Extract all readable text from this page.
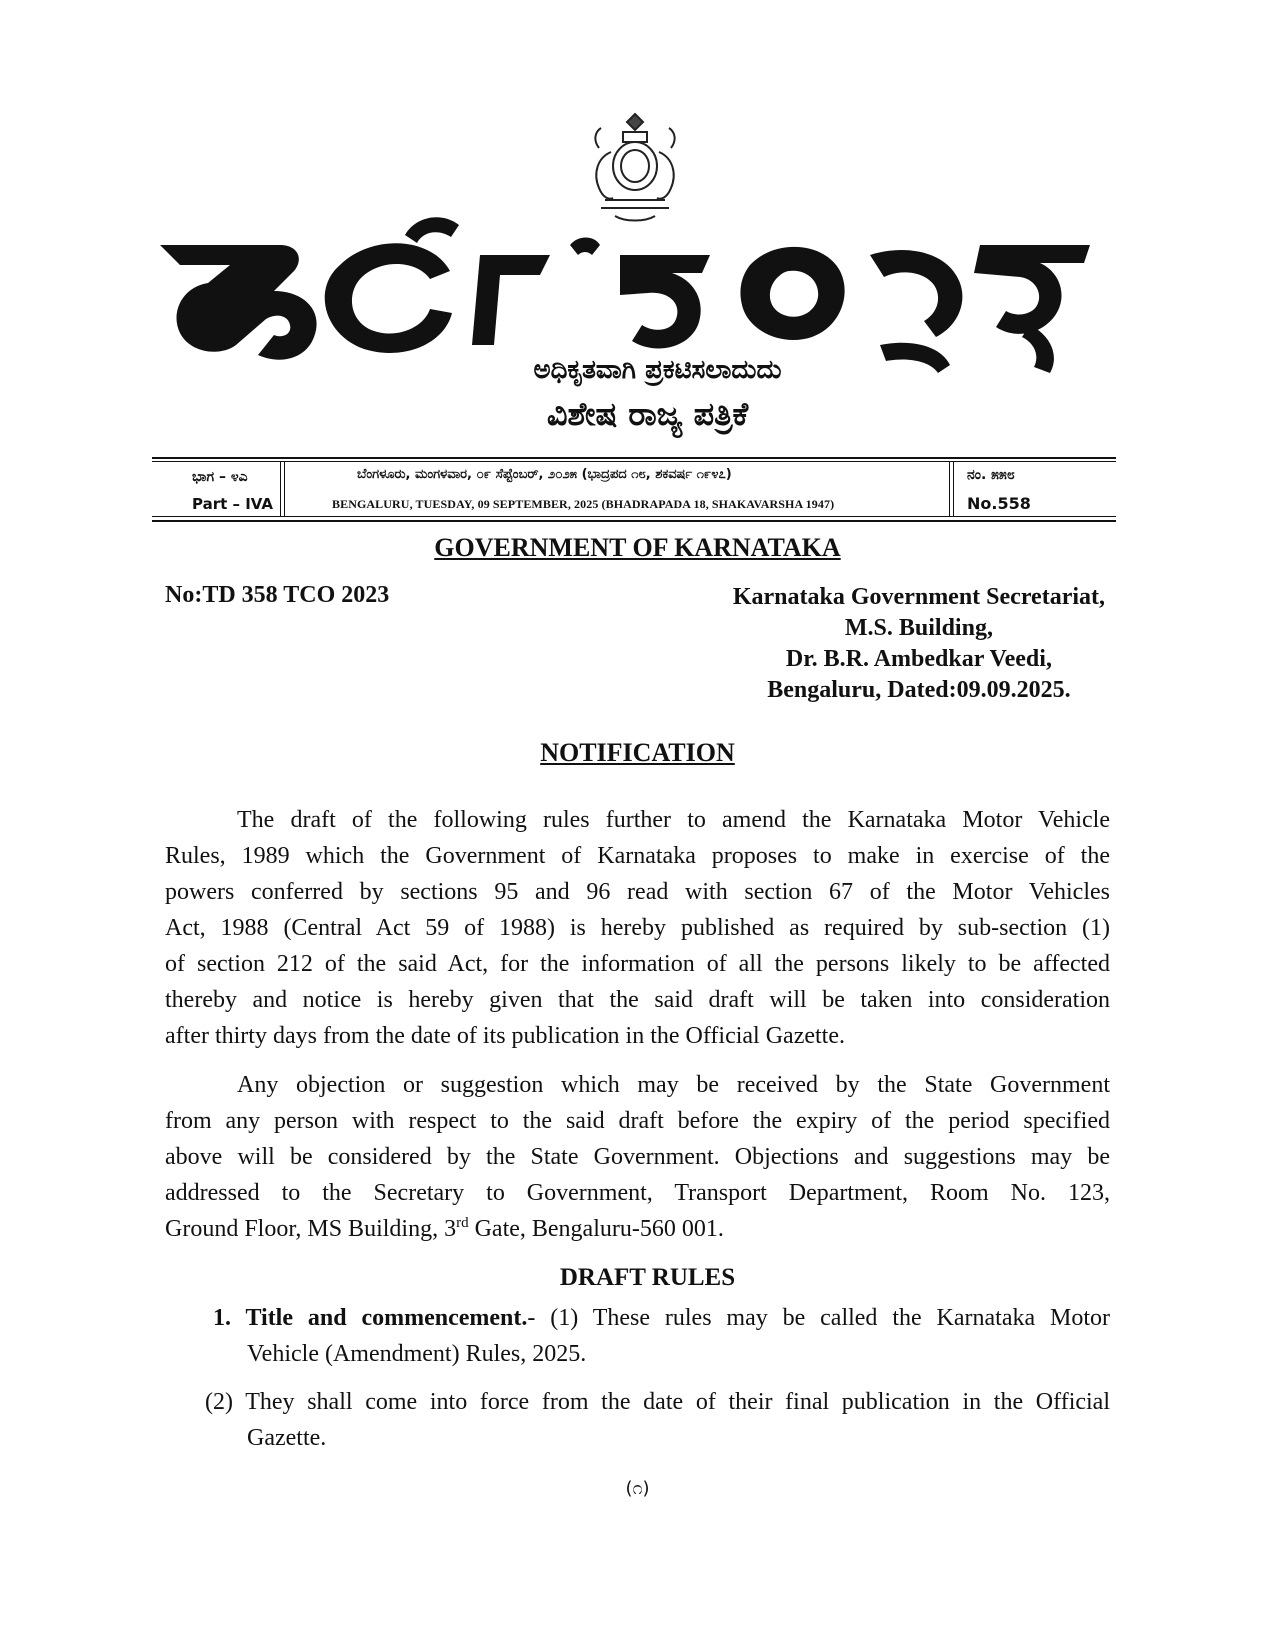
masthead
ಅಧಿಕೃತವಾಗಿ ಪ್ರಕಟಿಸಲಾದುದು
ವಿಶೇಷ ರಾಜ್ಯ ಪತ್ರಿಕೆ
ಭಾಗ – ೪ಎ
Part – IVA
ಬೆಂಗಳೂರು, ಮಂಗಳವಾರ, ೦೯ ಸೆಪ್ಟೆಂಬರ್, ೨೦೨೫ (ಭಾದ್ರಪದ ೧೮, ಶಕವರ್ಷ ೧೯೪೭)
BENGALURU, TUESDAY, 09 SEPTEMBER, 2025 (BHADRAPADA 18, SHAKAVARSHA 1947)
ನಂ. ೫೫೮
No.558
GOVERNMENT OF KARNATAKA
No:TD 358 TCO 2023	Karnataka Government Secretariat,
M.S. Building,
Dr. B.R. Ambedkar Veedi,
Bengaluru, Dated:09.09.2025.
NOTIFICATION
The draft of the following rules further to amend the Karnataka Motor Vehicle
Rules, 1989 which the Government of Karnataka proposes to make in exercise of the
powers conferred by sections 95 and 96 read with section 67 of the Motor Vehicles
Act, 1988 (Central Act 59 of 1988) is hereby published as required by sub-section (1)
of section 212 of the said Act, for the information of all the persons likely to be affected
thereby and notice is hereby given that the said draft will be taken into consideration
after thirty days from the date of its publication in the Official Gazette.
Any objection or suggestion which may be received by the State Government
from any person with respect to the said draft before the expiry of the period specified
above will be considered by the State Government. Objections and suggestions may be
addressed to the Secretary to Government, Transport Department, Room No. 123,
Ground Floor, MS Building, 3rd Gate, Bengaluru-560 001.
DRAFT RULES
1. Title and commencement.- (1) These rules may be called the Karnataka Motor
Vehicle (Amendment) Rules, 2025.
(2) They shall come into force from the date of their final publication in the Official
Gazette.
(೧)
